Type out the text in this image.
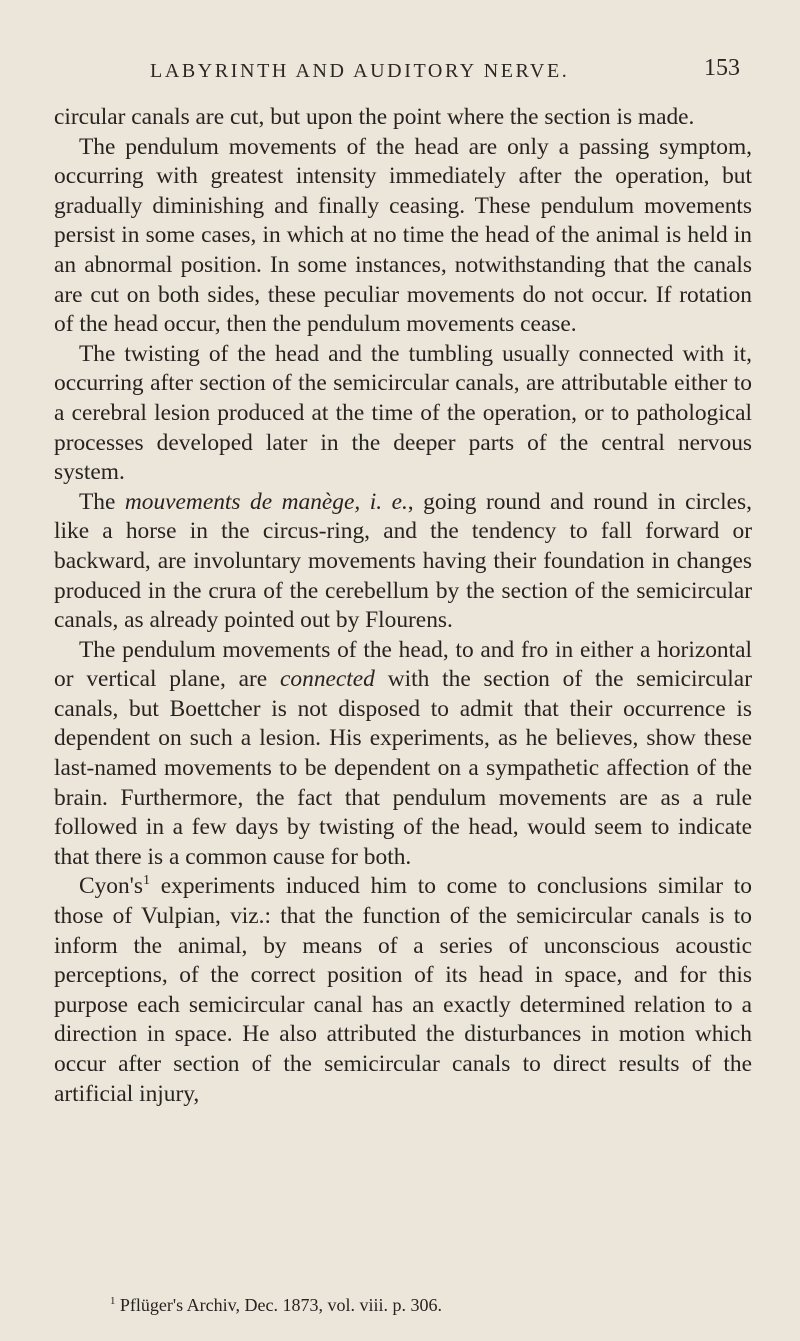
LABYRINTH AND AUDITORY NERVE.	153

circular canals are cut, but upon the point where the section is made.

The pendulum movements of the head are only a passing symptom, occurring with greatest intensity immediately after the operation, but gradually diminishing and finally ceasing. These pendulum movements persist in some cases, in which at no time the head of the animal is held in an abnormal position. In some instances, notwithstanding that the canals are cut on both sides, these peculiar movements do not occur. If rotation of the head occur, then the pendulum movements cease.

The twisting of the head and the tumbling usually connected with it, occurring after section of the semicircular canals, are attributable either to a cerebral lesion produced at the time of the operation, or to pathological processes developed later in the deeper parts of the central nervous system.

The mouvements de manège, i. e., going round and round in circles, like a horse in the circus-ring, and the tendency to fall forward or backward, are involuntary movements having their foundation in changes produced in the crura of the cerebellum by the section of the semicircular canals, as already pointed out by Flourens.

The pendulum movements of the head, to and fro in either a horizontal or vertical plane, are connected with the section of the semicircular canals, but Boettcher is not disposed to admit that their occurrence is dependent on such a lesion. His experiments, as he believes, show these last-named movements to be dependent on a sympathetic affection of the brain. Furthermore, the fact that pendulum movements are as a rule followed in a few days by twisting of the head, would seem to indicate that there is a common cause for both.

$Cyon's^1$ experiments induced him to come to conclusions similar to those of Vulpian, viz.: that the function of the semicircular canals is to inform the animal, by means of a series of unconscious acoustic perceptions, of the correct position of its head in space, and for this purpose each semicircular canal has an exactly determined relation to a direction in space. He also attributed the disturbances in motion which occur after section of the semicircular canals to direct results of the artificial injury,

$^1$ Pflüger's Archiv, Dec. 1873, vol. viii. p. 306.
